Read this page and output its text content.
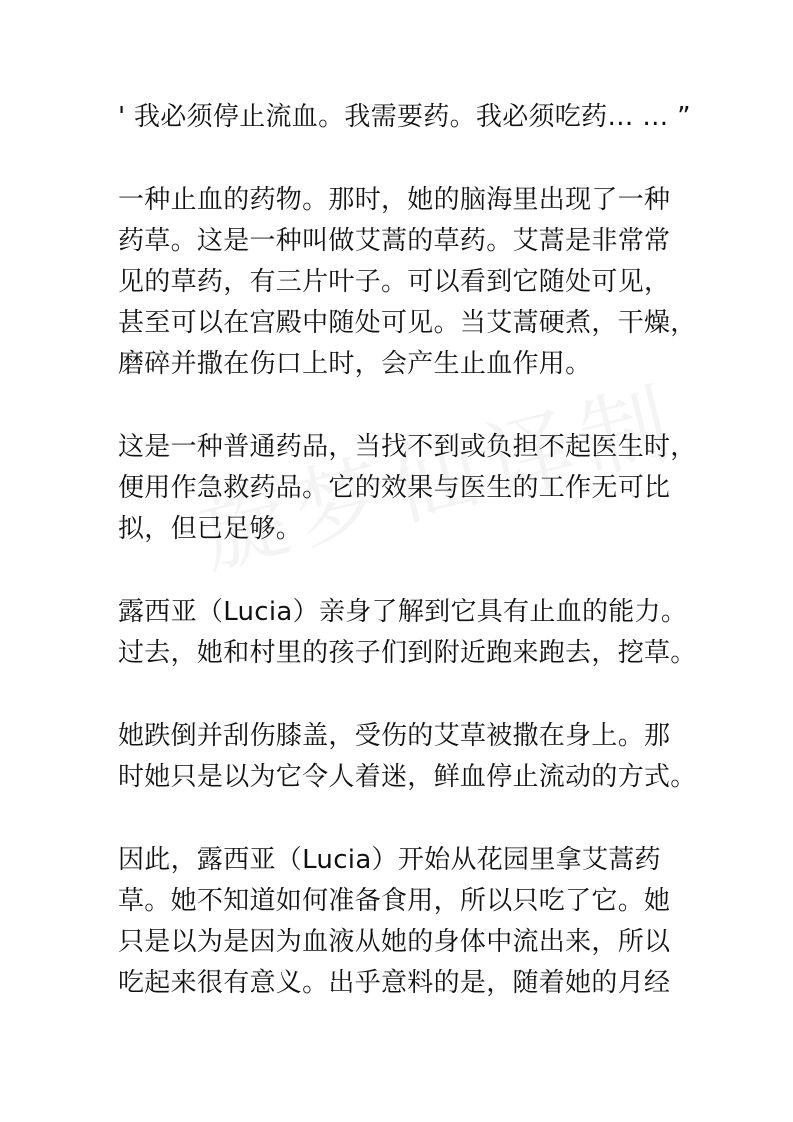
' 我必须停止流血。我需要药。我必须吃药… … ”
一种止血的药物。那时，她的脑海里出现了一种
药草。这是一种叫做艾蒿的草药。艾蒿是非常常
见的草药，有三片叶子。可以看到它随处可见，
甚至可以在宫殿中随处可见。当艾蒿硬煮，干燥，
磨碎并撒在伤口上时，会产生止血作用。
这是一种普通药品，当找不到或负担不起医生时，
便用作急救药品。它的效果与医生的工作无可比
拟，但已足够。
露西亚（Lucia）亲身了解到它具有止血的能力。
过去，她和村里的孩子们到附近跑来跑去，挖草。
她跌倒并刮伤膝盖，受伤的艾草被撒在身上。那
时她只是以为它令人着迷，鲜血停止流动的方式。
因此，露西亚（Lucia）开始从花园里拿艾蒿药
草。她不知道如何准备食用，所以只吃了它。她
只是以为是因为血液从她的身体中流出来，所以
吃起来很有意义。出乎意料的是，随着她的月经
